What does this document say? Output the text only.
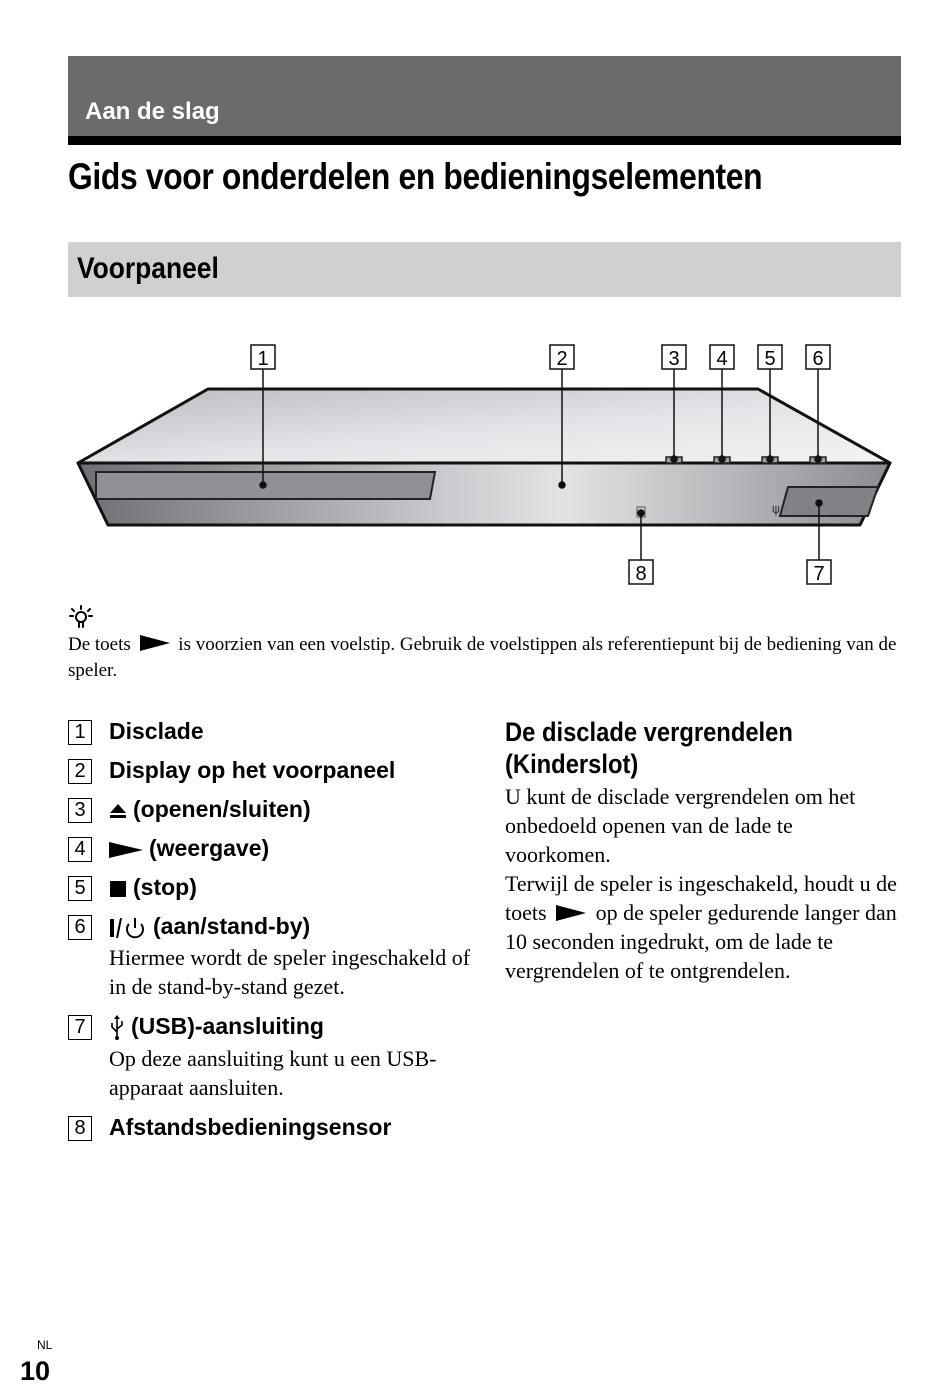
Aan de slag
Gids voor onderdelen en bedieningselementen
Voorpaneel
ψ
1	2	3 4 5 6
8	7
De toets	is voorzien van een voelstip. Gebruik de voelstippen als referentiepunt bij de bediening van de speler.
1 Disclade
2 Display op het voorpaneel
3	(openen/sluiten)
4	(weergave)
5	(stop)
6	(aan/stand-by)
Hiermee wordt de speler ingeschakeld of in de stand-by-stand gezet.
7	(USB)-aansluiting
Op deze aansluiting kunt u een USB-apparaat aansluiten.
8 Afstandsbedieningsensor
De disclade vergrendelen (Kinderslot)
U kunt de disclade vergrendelen om het onbedoeld openen van de lade te voorkomen.
Terwijl de speler is ingeschakeld, houdt u de toets op de speler gedurende langer dan 10 seconden ingedrukt, om de lade te vergrendelen of te ontgrendelen.
NL
10
